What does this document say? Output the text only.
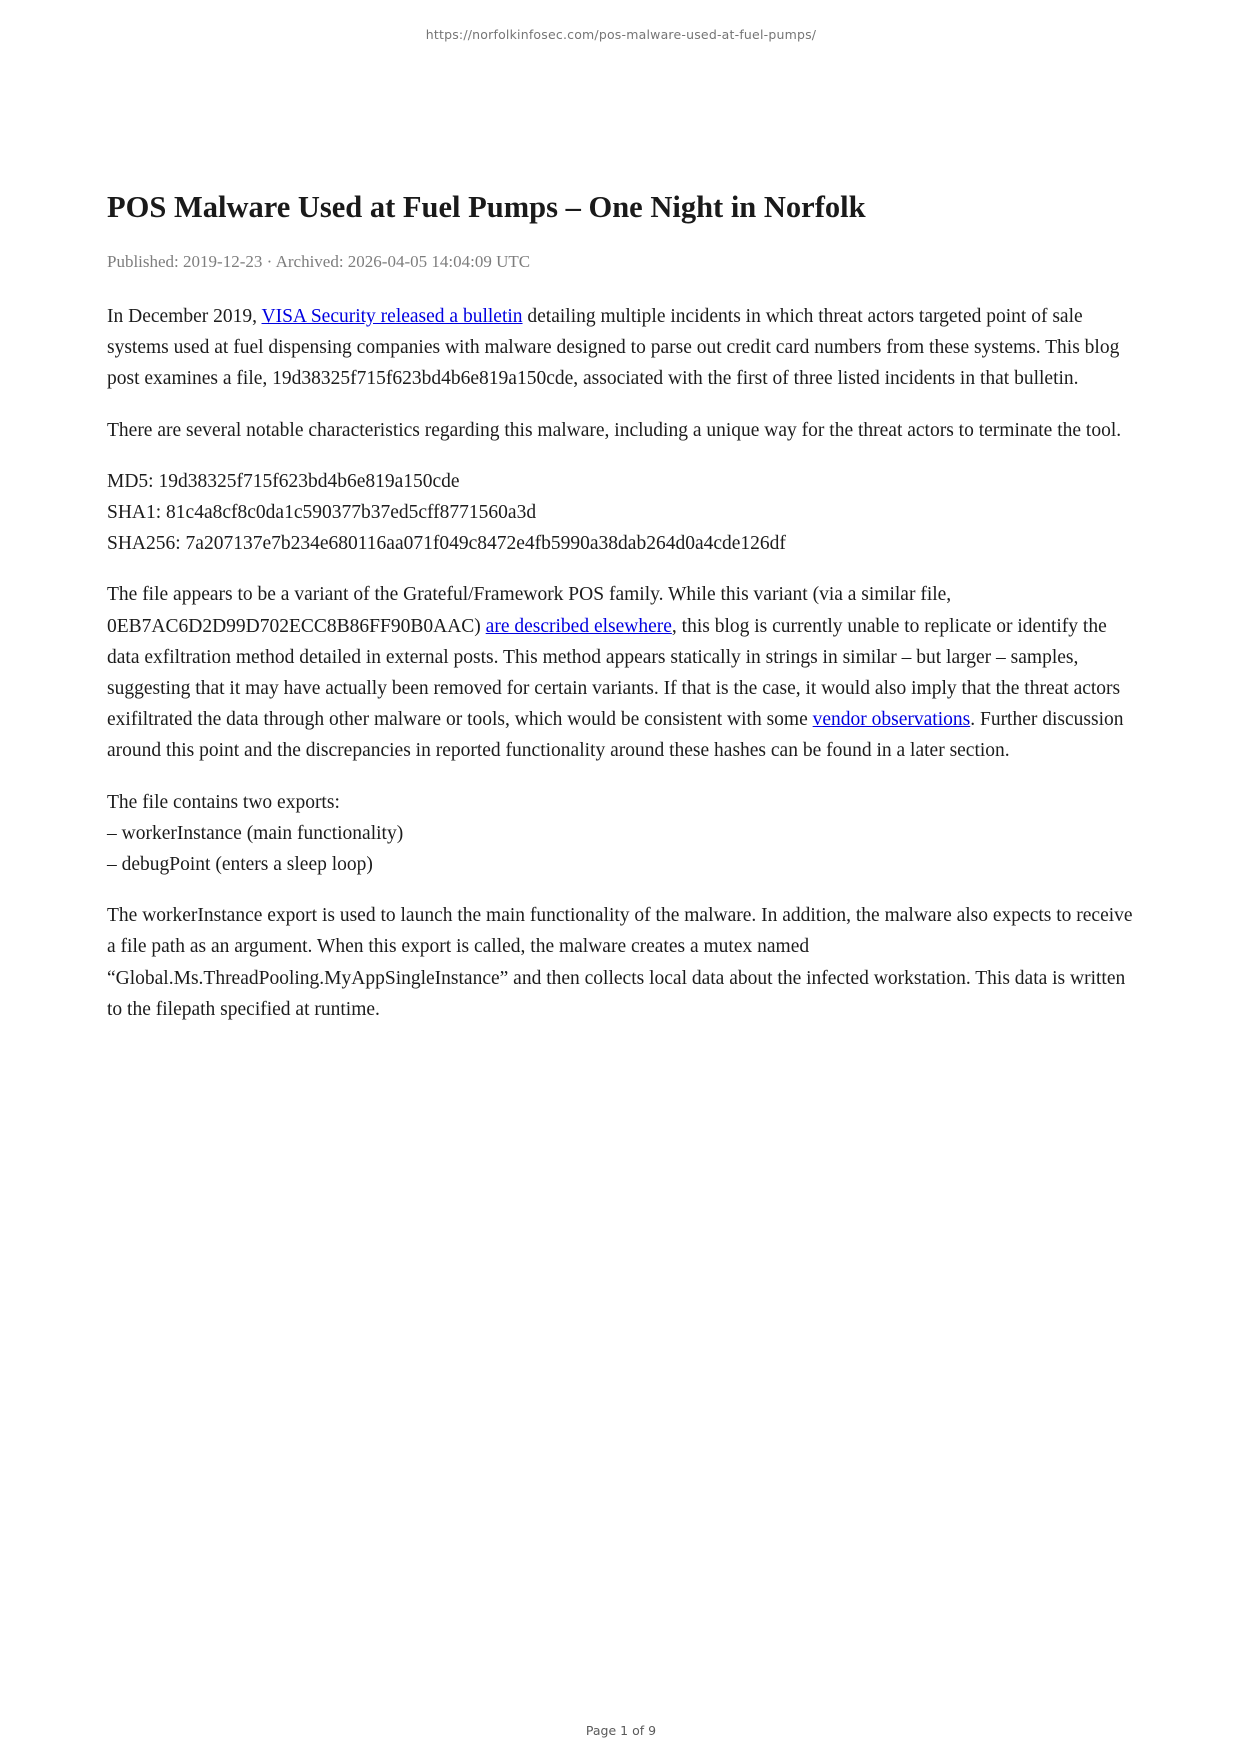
https://norfolkinfosec.com/pos-malware-used-at-fuel-pumps/
POS Malware Used at Fuel Pumps – One Night in Norfolk
Published: 2019-12-23 · Archived: 2026-04-05 14:04:09 UTC

In December 2019, VISA Security released a bulletin detailing multiple incidents in which threat actors targeted point of sale systems used at fuel dispensing companies with malware designed to parse out credit card numbers from these systems. This blog post examines a file, 19d38325f715f623bd4b6e819a150cde, associated with the first of three listed incidents in that bulletin.

There are several notable characteristics regarding this malware, including a unique way for the threat actors to terminate the tool.

MD5: 19d38325f715f623bd4b6e819a150cde
SHA1: 81c4a8cf8c0da1c590377b37ed5cff8771560a3d
SHA256: 7a207137e7b234e680116aa071f049c8472e4fb5990a38dab264d0a4cde126df

The file appears to be a variant of the Grateful/Framework POS family. While this variant (via a similar file, 0EB7AC6D2D99D702ECC8B86FF90B0AAC) are described elsewhere, this blog is currently unable to replicate or identify the data exfiltration method detailed in external posts. This method appears statically in strings in similar – but larger – samples, suggesting that it may have actually been removed for certain variants. If that is the case, it would also imply that the threat actors exifiltrated the data through other malware or tools, which would be consistent with some vendor observations. Further discussion around this point and the discrepancies in reported functionality around these hashes can be found in a later section.

The file contains two exports:
– workerInstance (main functionality)
– debugPoint (enters a sleep loop)

The workerInstance export is used to launch the main functionality of the malware. In addition, the malware also expects to receive a file path as an argument. When this export is called, the malware creates a mutex named “Global.Ms.ThreadPooling.MyAppSingleInstance” and then collects local data about the infected workstation. This data is written to the filepath specified at runtime.

Page 1 of 9
